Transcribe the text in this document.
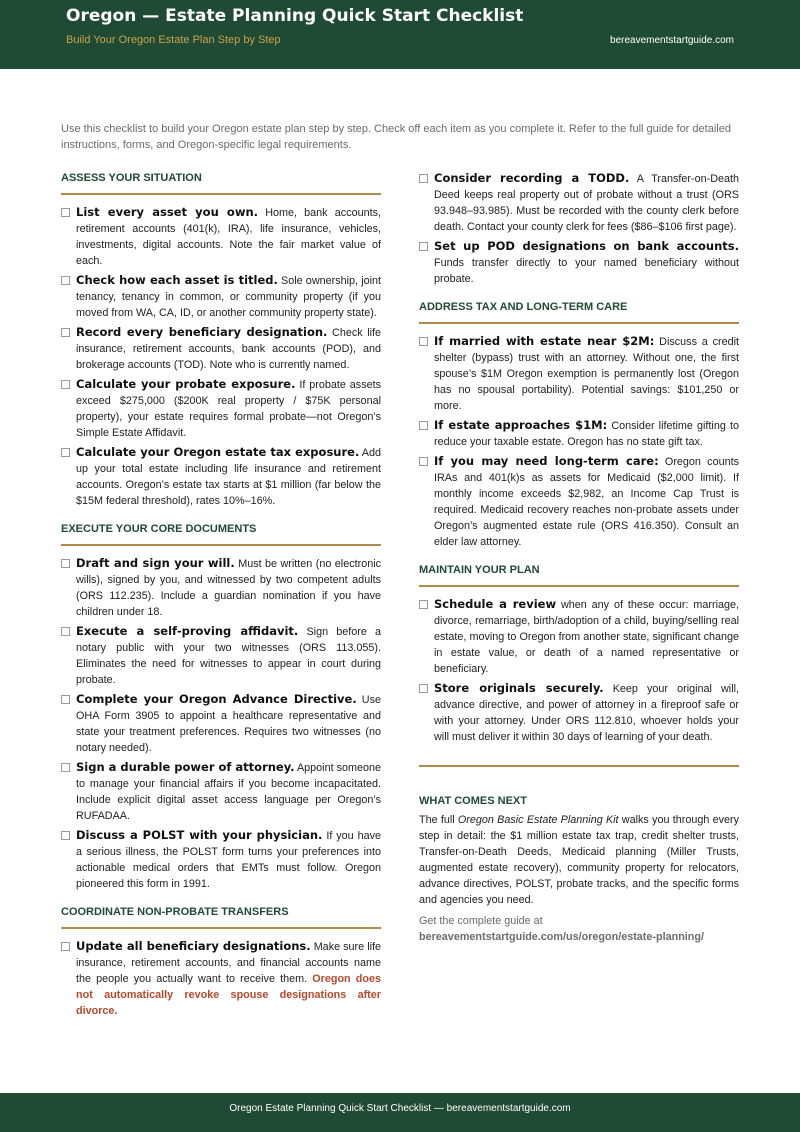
Oregon — Estate Planning Quick Start Checklist
Build Your Oregon Estate Plan Step by Step	bereavementstartguide.com
Use this checklist to build your Oregon estate plan step by step. Check off each item as you complete it. Refer to the full guide for detailed instructions, forms, and Oregon-specific legal requirements.
ASSESS YOUR SITUATION
List every asset you own. Home, bank accounts, retirement accounts (401(k), IRA), life insurance, vehicles, investments, digital accounts. Note the fair market value of each.
Check how each asset is titled. Sole ownership, joint tenancy, tenancy in common, or community property (if you moved from WA, CA, ID, or another community property state).
Record every beneficiary designation. Check life insurance, retirement accounts, bank accounts (POD), and brokerage accounts (TOD). Note who is currently named.
Calculate your probate exposure. If probate assets exceed $275,000 ($200K real property / $75K personal property), your estate requires formal probate—not Oregon’s Simple Estate Affidavit.
Calculate your Oregon estate tax exposure. Add up your total estate including life insurance and retirement accounts. Oregon’s estate tax starts at $1 million (far below the $15M federal threshold), rates 10%–16%.
EXECUTE YOUR CORE DOCUMENTS
Draft and sign your will. Must be written (no electronic wills), signed by you, and witnessed by two competent adults (ORS 112.235). Include a guardian nomination if you have children under 18.
Execute a self-proving affidavit. Sign before a notary public with your two witnesses (ORS 113.055). Eliminates the need for witnesses to appear in court during probate.
Complete your Oregon Advance Directive. Use OHA Form 3905 to appoint a healthcare representative and state your treatment preferences. Requires two witnesses (no notary needed).
Sign a durable power of attorney. Appoint someone to manage your financial affairs if you become incapacitated. Include explicit digital asset access language per Oregon’s RUFADAA.
Discuss a POLST with your physician. If you have a serious illness, the POLST form turns your preferences into actionable medical orders that EMTs must follow. Oregon pioneered this form in 1991.
COORDINATE NON-PROBATE TRANSFERS
Update all beneficiary designations. Make sure life insurance, retirement accounts, and financial accounts name the people you actually want to receive them. Oregon does not automatically revoke spouse designations after divorce.
Consider recording a TODD. A Transfer-on-Death Deed keeps real property out of probate without a trust (ORS 93.948–93.985). Must be recorded with the county clerk before death. Contact your county clerk for fees ($86–$106 first page).
Set up POD designations on bank accounts. Funds transfer directly to your named beneficiary without probate.
ADDRESS TAX AND LONG-TERM CARE
If married with estate near $2M: Discuss a credit shelter (bypass) trust with an attorney. Without one, the first spouse’s $1M Oregon exemption is permanently lost (Oregon has no spousal portability). Potential savings: $101,250 or more.
If estate approaches $1M: Consider lifetime gifting to reduce your taxable estate. Oregon has no state gift tax.
If you may need long-term care: Oregon counts IRAs and 401(k)s as assets for Medicaid ($2,000 limit). If monthly income exceeds $2,982, an Income Cap Trust is required. Medicaid recovery reaches non-probate assets under Oregon’s augmented estate rule (ORS 416.350). Consult an elder law attorney.
MAINTAIN YOUR PLAN
Schedule a review when any of these occur: marriage, divorce, remarriage, birth/adoption of a child, buying/selling real estate, moving to Oregon from another state, significant change in estate value, or death of a named representative or beneficiary.
Store originals securely. Keep your original will, advance directive, and power of attorney in a fireproof safe or with your attorney. Under ORS 112.810, whoever holds your will must deliver it within 30 days of learning of your death.
WHAT COMES NEXT
The full Oregon Basic Estate Planning Kit walks you through every step in detail: the $1 million estate tax trap, credit shelter trusts, Transfer-on-Death Deeds, Medicaid planning (Miller Trusts, augmented estate recovery), community property for relocators, advance directives, POLST, probate tracks, and the specific forms and agencies you need.
Get the complete guide at
bereavementstartguide.com/us/oregon/estate-planning/
Oregon Estate Planning Quick Start Checklist — bereavementstartguide.com
